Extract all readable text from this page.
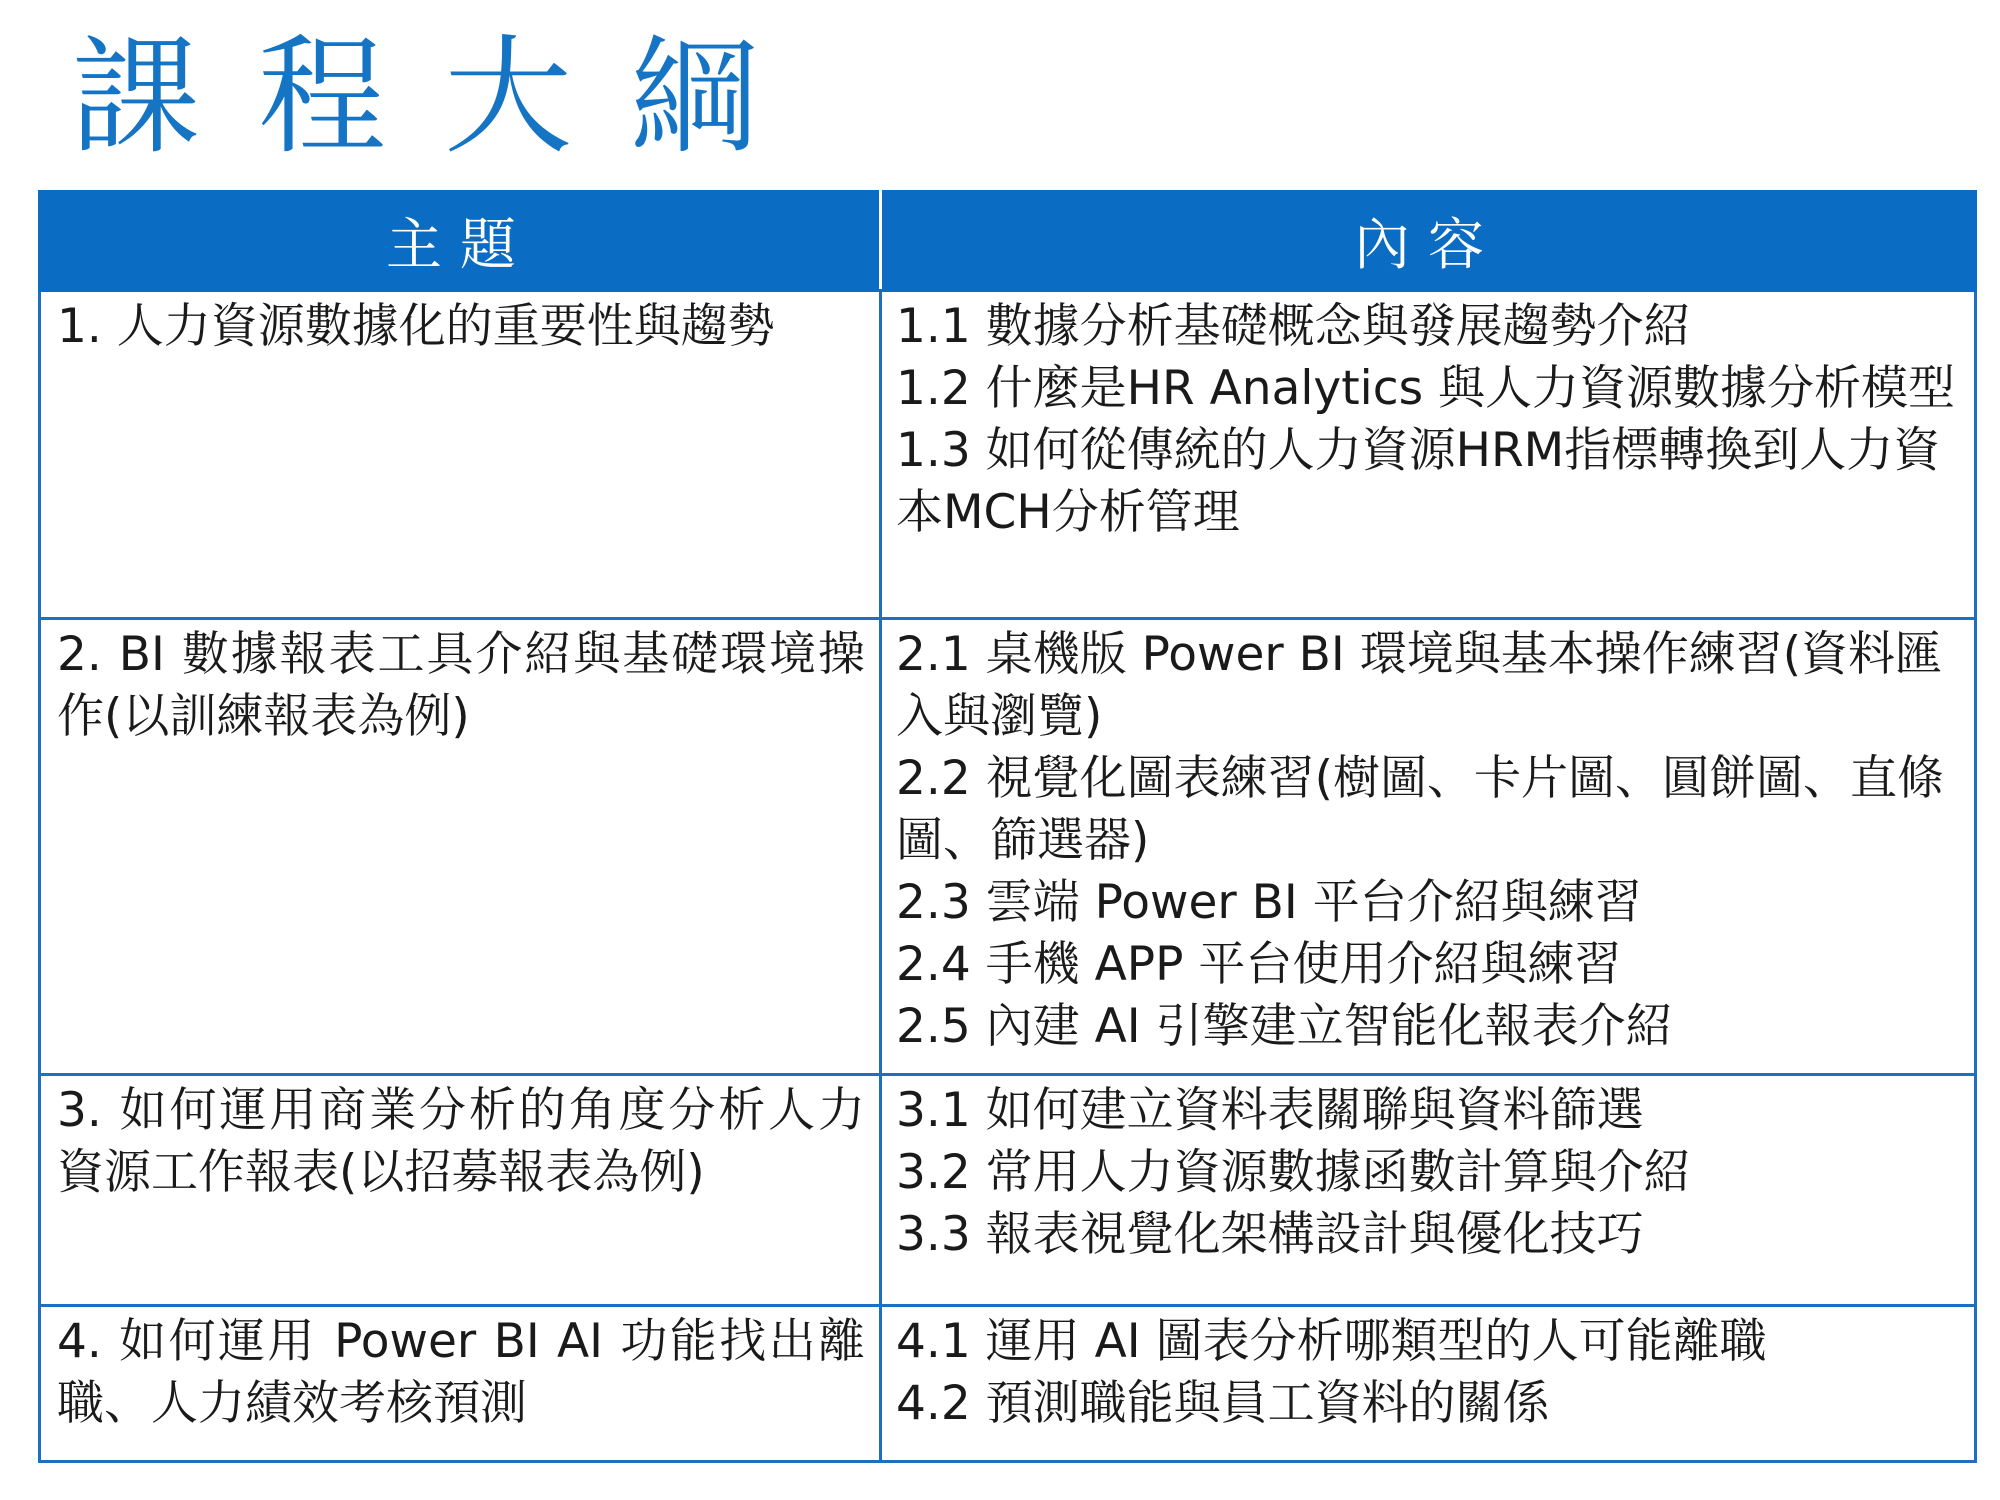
課程大綱
主題	內容
1. 人力資源數據化的重要性與趨勢	1.1 數據分析基礎概念與發展趨勢介紹
1.2 什麼是HR Analytics 與人力資源數據分析模型
1.3 如何從傳統的人力資源HRM指標轉換到人力資本MCH分析管理

2. BI 數據報表工具介紹與基礎環境操作(以訓練報表為例)	2.1 桌機版 Power BI 環境與基本操作練習(資料匯入與瀏覽)
2.2 視覺化圖表練習(樹圖、卡片圖、圓餅圖、直條圖、篩選器)
2.3 雲端 Power BI 平台介紹與練習
2.4 手機 APP 平台使用介紹與練習
2.5 內建 AI 引擎建立智能化報表介紹

3. 如何運用商業分析的角度分析人力資源工作報表(以招募報表為例)	3.1 如何建立資料表關聯與資料篩選
3.2 常用人力資源數據函數計算與介紹
3.3 報表視覺化架構設計與優化技巧

4. 如何運用 Power BI AI 功能找出離職、人力績效考核預測	4.1 運用 AI 圖表分析哪類型的人可能離職
4.2 預測職能與員工資料的關係
